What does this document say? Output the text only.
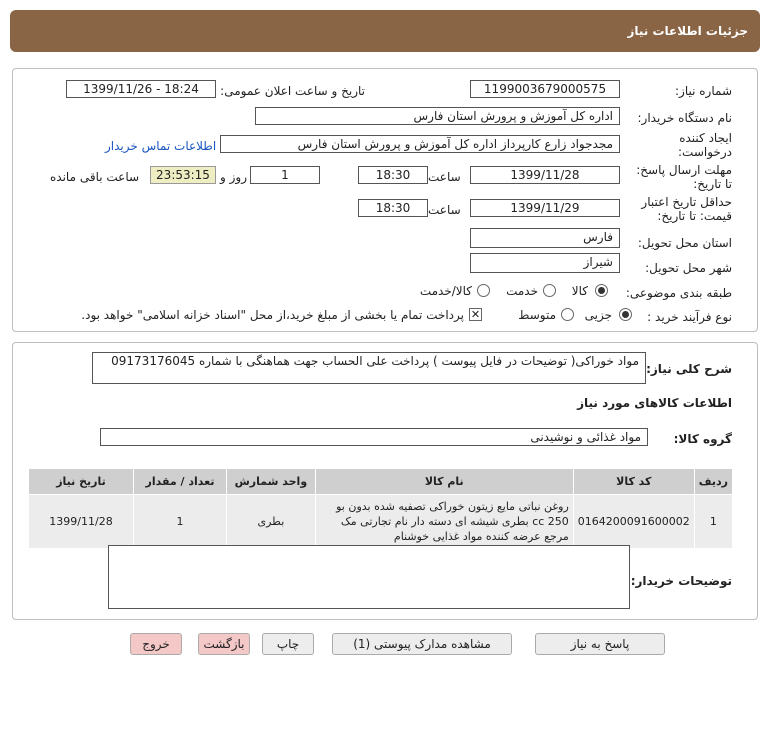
جزئیات اطلاعات نیاز
شماره نیاز:
1199003679000575
تاریخ و ساعت اعلان عمومی:
1399/11/26 - 18:24
نام دستگاه خریدار:
اداره کل آموزش و پرورش استان فارس
ایجاد کننده
درخواست:
مجدجواد زارع کارپرداز اداره کل آموزش و پرورش استان فارس
اطلاعات تماس خریدار
مهلت ارسال پاسخ:
تا تاریخ:
1399/11/28
ساعت
18:30
1
روز و
23:53:15
ساعت باقی مانده
حداقل تاریخ اعتبار
قیمت: تا تاریخ:
1399/11/29
ساعت
18:30
استان محل تحویل:
فارس
شهر محل تحویل:
شیراز
طبقه بندی موضوعی:
کالا
خدمت
کالا/خدمت
نوع فرآیند خرید :
جزیی
متوسط
✕
پرداخت تمام یا بخشی از مبلغ خرید،از محل "اسناد خزانه اسلامی" خواهد بود.
شرح کلی نیاز:
مواد خوراکی( توضیحات در فایل پیوست ) پرداخت علی الحساب جهت هماهنگی با شماره 09173176045
اطلاعات کالاهای مورد نیاز
گروه کالا:
مواد غذائی و نوشیدنی
ردیف	کد کالا	نام کالا	واحد شمارش	تعداد / مقدار	تاریخ نیاز
1	0164200091600002	روغن نباتی مایع زیتون خوراکی تصفیه شده بدون بو 250 cc بطری شیشه ای دسته دار نام تجارتی مک مرجع عرضه کننده مواد غذایی خوشنام	بطری	1	1399/11/28
توضیحات خریدار:
پاسخ به نیاز
مشاهده مدارک پیوستی (1)
چاپ
بازگشت
خروج
